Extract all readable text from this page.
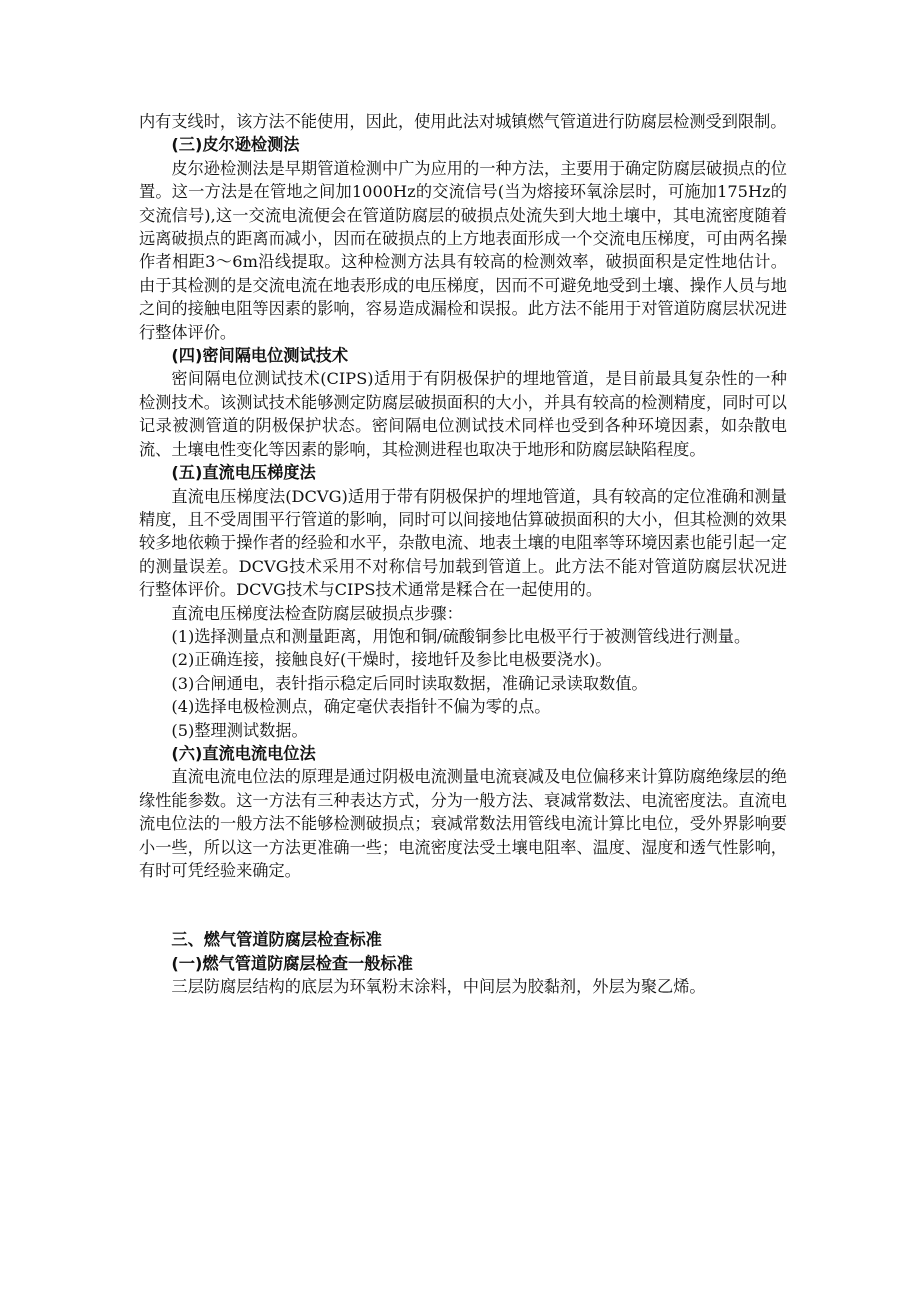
内有支线时，该方法不能使用，因此，使用此法对城镇燃气管道进行防腐层检测受到限制。

(三)皮尔逊检测法

皮尔逊检测法是早期管道检测中广为应用的一种方法，主要用于确定防腐层破损点的位置。这一方法是在管地之间加1000Hz的交流信号(当为熔接环氧涂层时，可施加175Hz的交流信号),这一交流电流便会在管道防腐层的破损点处流失到大地土壤中，其电流密度随着远离破损点的距离而减小，因而在破损点的上方地表面形成一个交流电压梯度，可由两名操作者相距3～6m沿线提取。这种检测方法具有较高的检测效率，破损面积是定性地估计。由于其检测的是交流电流在地表形成的电压梯度，因而不可避免地受到土壤、操作人员与地之间的接触电阻等因素的影响，容易造成漏检和误报。此方法不能用于对管道防腐层状况进行整体评价。

(四)密间隔电位测试技术

密间隔电位测试技术(CIPS)适用于有阴极保护的埋地管道，是目前最具复杂性的一种检测技术。该测试技术能够测定防腐层破损面积的大小，并具有较高的检测精度，同时可以记录被测管道的阴极保护状态。密间隔电位测试技术同样也受到各种环境因素，如杂散电流、土壤电性变化等因素的影响，其检测进程也取决于地形和防腐层缺陷程度。

(五)直流电压梯度法

直流电压梯度法(DCVG)适用于带有阴极保护的埋地管道，具有较高的定位准确和测量精度，且不受周围平行管道的影响，同时可以间接地估算破损面积的大小，但其检测的效果较多地依赖于操作者的经验和水平，杂散电流、地表土壤的电阻率等环境因素也能引起一定的测量误差。DCVG技术采用不对称信号加载到管道上。此方法不能对管道防腐层状况进行整体评价。DCVG技术与CIPS技术通常是糅合在一起使用的。

直流电压梯度法检查防腐层破损点步骤：

(1)选择测量点和测量距离，用饱和铜/硫酸铜参比电极平行于被测管线进行测量。

(2)正确连接，接触良好(干燥时，接地钎及参比电极要浇水)。

(3)合闸通电，表针指示稳定后同时读取数据，准确记录读取数值。

(4)选择电极检测点，确定毫伏表指针不偏为零的点。

(5)整理测试数据。

(六)直流电流电位法

直流电流电位法的原理是通过阴极电流测量电流衰减及电位偏移来计算防腐绝缘层的绝缘性能参数。这一方法有三种表达方式，分为一般方法、衰减常数法、电流密度法。直流电流电位法的一般方法不能够检测破损点；衰减常数法用管线电流计算比电位，受外界影响要小一些，所以这一方法更准确一些；电流密度法受土壤电阻率、温度、湿度和透气性影响，有时可凭经验来确定。

三、燃气管道防腐层检查标准
(一)燃气管道防腐层检查一般标准

三层防腐层结构的底层为环氧粉末涂料，中间层为胶黏剂，外层为聚乙烯。
